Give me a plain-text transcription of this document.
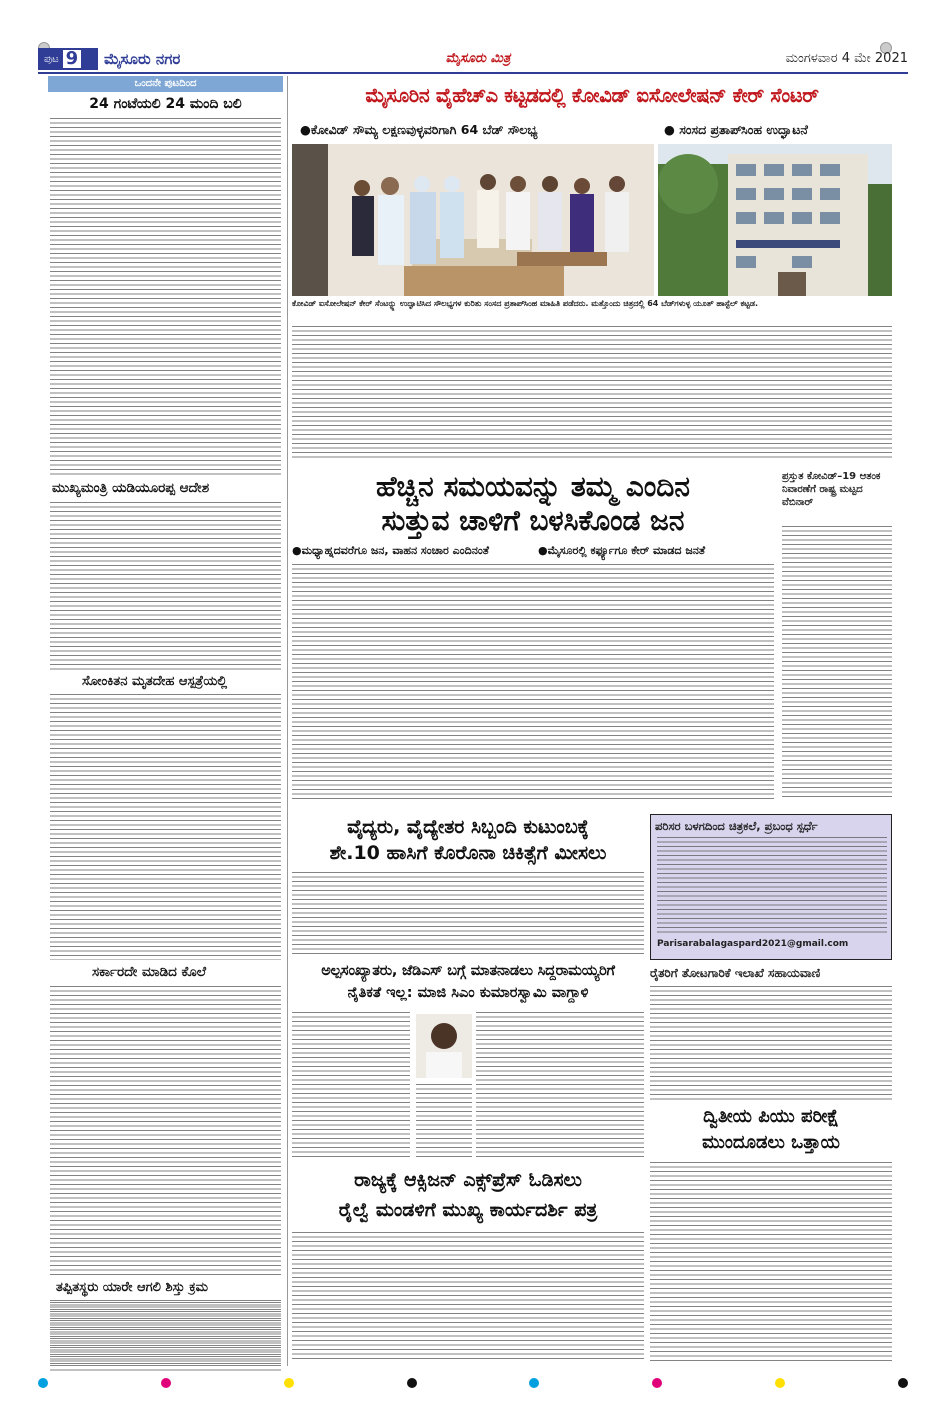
ಪುಟ 9 ಮೈಸೂರು ನಗರ	ಮೈಸೂರು ಮಿತ್ರ	ಮಂಗಳವಾರ 4 ಮೇ 2021
ಒಂದನೇ ಪುಟದಿಂದ
24 ಗಂಟೆಯಲಿ 24 ಮಂದಿ ಬಲಿ
ಮುಖ್ಯಮಂತ್ರಿ ಯಡಿಯೂರಪ್ಪ ಆದೇಶ
ಸೋಂಕಿತನ ಮೃತದೇಹ ಆಸ್ಪತ್ರೆಯಲ್ಲಿ
ಸರ್ಕಾರದೇ ಮಾಡಿದ ಕೊಲೆ
ತಪ್ಪಿತಸ್ಥರು ಯಾರೇ ಆಗಲಿ ಶಿಸ್ತು ಕ್ರಮ
ಮೈಸೂರಿನ ವೈಹೆಚ್‍ಎ ಕಟ್ಟಡದಲ್ಲಿ ಕೋವಿಡ್ ಐಸೋಲೇಷನ್ ಕೇರ್ ಸೆಂಟರ್
●ಕೋವಿಡ್ ಸೌಮ್ಯ ಲಕ್ಷಣವುಳ್ಳವರಿಗಾಗಿ 64 ಬೆಡ್ ಸೌಲಭ್ಯ	● ಸಂಸದ ಪ್ರತಾಪ್‍ಸಿಂಹ ಉದ್ಘಾಟನೆ
ಕೋವಿಡ್ ಐಸೋಲೇಷನ್ ಕೇರ್ ಸೆಂಟರ್‍ನ್ನು ಉದ್ಘಾಟಿಸಿದ ಸೌಲಭ್ಯಗಳ ಕುರಿತು ಸಂಸದ ಪ್ರತಾಪ್‍ಸಿಂಹ ಮಾಹಿತಿ ಪಡೆದರು. ಮತ್ತೊಂದು ಚಿತ್ರದಲ್ಲಿ 64 ಬೆಡ್‍ಗಳುಳ್ಳ ಯೂತ್ ಹಾಸ್ಟೆಲ್ ಕಟ್ಟಡ.
ಹೆಚ್ಚಿನ ಸಮಯವನ್ನು ತಮ್ಮ ಎಂದಿನ
ಸುತ್ತುವ ಚಾಳಿಗೆ ಬಳಸಿಕೊಂಡ ಜನ
●ಮಧ್ಯಾಹ್ನದವರೆಗೂ ಜನ, ವಾಹನ ಸಂಚಾರ ಎಂದಿನಂತೆ	●ಮೈಸೂರಲ್ಲಿ ಕರ್ಫ್ಯೂಗೂ ಕೇರ್ ಮಾಡದ ಜನತೆ
ಪ್ರಸ್ತುತ ಕೋವಿಡ್–19 ಆತಂಕ ನಿವಾರಣೆಗೆ ರಾಷ್ಟ್ರ ಮಟ್ಟದ ವೆಬಿನಾರ್
ವೈದ್ಯರು, ವೈದ್ಯೇತರ ಸಿಬ್ಬಂದಿ ಕುಟುಂಬಕ್ಕೆ
ಶೇ.10 ಹಾಸಿಗೆ ಕೊರೊನಾ ಚಿಕಿತ್ಸೆಗೆ ಮೀಸಲು
ಪರಿಸರ ಬಳಗದಿಂದ ಚಿತ್ರಕಲೆ, ಪ್ರಬಂಧ ಸ್ಪರ್ಧೆ
Parisarabalagaspard2021@gmail.com
ಅಲ್ಪಸಂಖ್ಯಾತರು, ಜೆಡಿಎಸ್ ಬಗ್ಗೆ ಮಾತನಾಡಲು ಸಿದ್ದರಾಮಯ್ಯರಿಗೆ
ನೈತಿಕತೆ ಇಲ್ಲ: ಮಾಜಿ ಸಿಎಂ ಕುಮಾರಸ್ವಾಮಿ ವಾಗ್ದಾಳಿ
ರೈತರಿಗೆ ತೋಟಗಾರಿಕೆ ಇಲಾಖೆ ಸಹಾಯವಾಣಿ
ದ್ವಿತೀಯ ಪಿಯು ಪರೀಕ್ಷೆ
ಮುಂದೂಡಲು ಒತ್ತಾಯ
ರಾಜ್ಯಕ್ಕೆ ಆಕ್ಸಿಜನ್ ಎಕ್ಸ್‌ಪ್ರೆಸ್ ಓಡಿಸಲು
ರೈಲ್ವೆ ಮಂಡಳಿಗೆ ಮುಖ್ಯ ಕಾರ್ಯದರ್ಶಿ ಪತ್ರ
